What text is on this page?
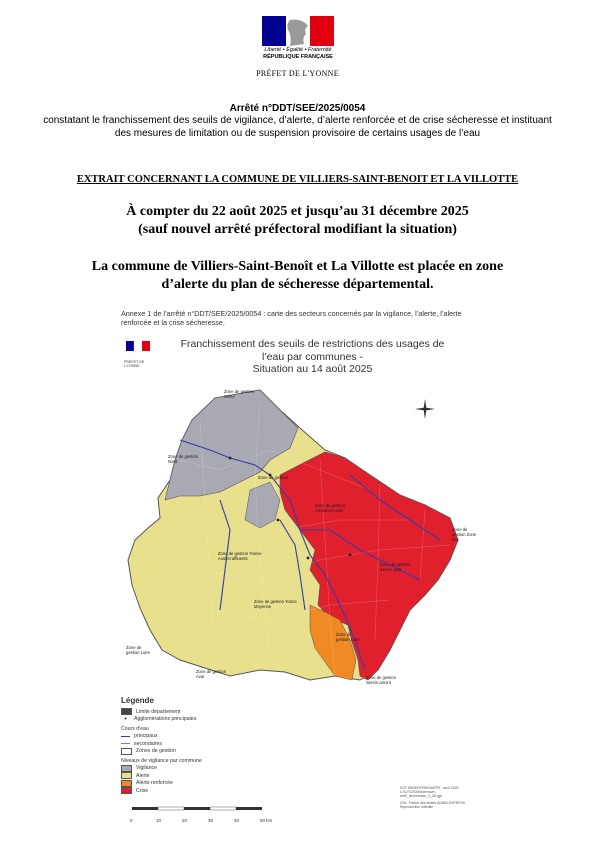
Liberté • Égalité • Fraternité
RÉPUBLIQUE FRANÇAISE
PRÉFET DE L'YONNE
Arrêté n°DDT/SEE/2025/0054
constatant le franchissement des seuils de vigilance, d’alerte, d’alerte renforcée et de crise sécheresse et instituant des mesures de limitation ou de suspension provisoire de certains usages de l’eau
EXTRAIT CONCERNANT LA COMMUNE DE VILLIERS-SAINT-BENOIT ET LA VILLOTTE
À compter du 22 août 2025 et jusqu’au 31 décembre 2025
(sauf nouvel arrêté préfectoral modifiant la situation)
La commune de Villiers-Saint-Benoît et La Villotte est placée en zone
d’alerte du plan de sécheresse départemental.
Annexe 1 de l’arrêté n°DDT/SEE/2025/0054 : carte des secteurs concernés par la vigilance, l’alerte, l’alerte renforcée et la crise sécheresse.
PRÉFET DE L'YONNE
Franchissement des seuils de restrictions des usages de
l’eau par communes -
Situation au 14 août 2025
Zone de gestion Seine
Zone de gestion Nord
Zone de gestion
Zone de gestion Armançon aval
Zone de gestion Yonne-Aval et affluents
Zone de gestion Zone Est
Zone de gestion Serein aval
Zone de gestion Yonne Moyenne
Zone de gestion Loire
Zone de gestion Cure
Zone de gestion Aval	Zone de gestion Serein amont
Légende
Limite département
•	Agglomérations principales
Cours d'eau
principaux
secondaires
Zones de gestion
Niveaux de vigilance par commune
Vigilance
Alerte
Alerte renforcée
Crise
0	10	20	30	40	50 km
DDT 89/SEE/PRE/DMEPS - août 2025
C:\\U?LS\\Sécheresse\\
arrêt_sécheresse_0_28.qgs
IGN - Fichier des limites ADMIN-EXPRESS
Reproduction interdite
